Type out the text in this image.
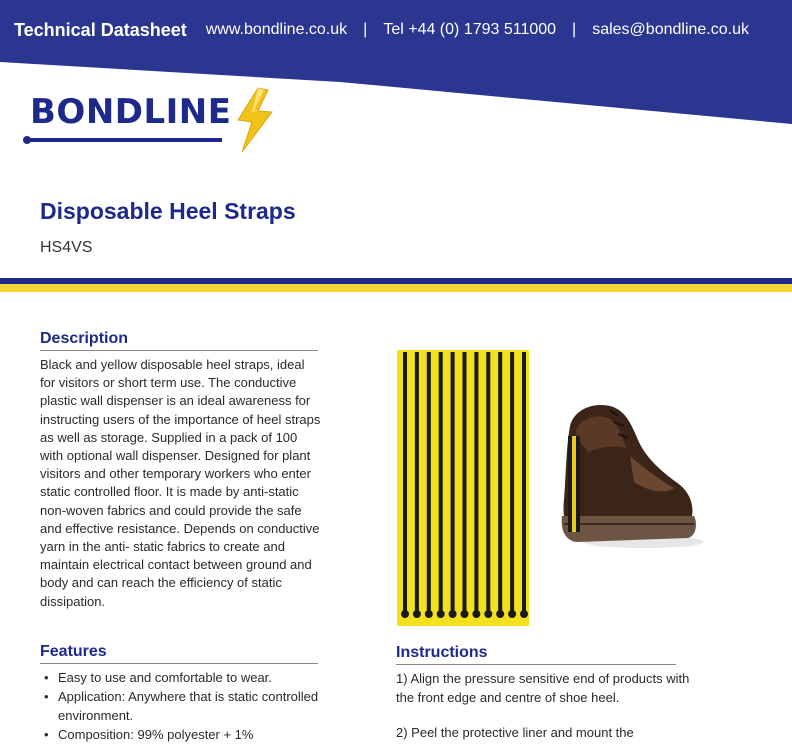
Technical Datasheet www.bondline.co.uk | Tel +44 (0) 1793 511000 | sales@bondline.co.uk
BONDLINE
Disposable Heel Straps
HS4VS
Description
Black and yellow disposable heel straps, ideal for visitors or short term use. The conductive plastic wall dispenser is an ideal awareness for instructing users of the importance of heel straps as well as storage. Supplied in a pack of 100 with optional wall dispenser. Designed for plant visitors and other temporary workers who enter static controlled floor. It is made by anti-static non-woven fabrics and could provide the safe and effective resistance. Depends on conductive yarn in the anti- static fabrics to create and maintain electrical contact between ground and body and can reach the efficiency of static dissipation.
Features
• Easy to use and comfortable to wear.
• Application: Anywhere that is static controlled environment.
• Composition: 99% polyester + 1%
Instructions
1) Align the pressure sensitive end of products with the front edge and centre of shoe heel.
2) Peel the protective liner and mount the
